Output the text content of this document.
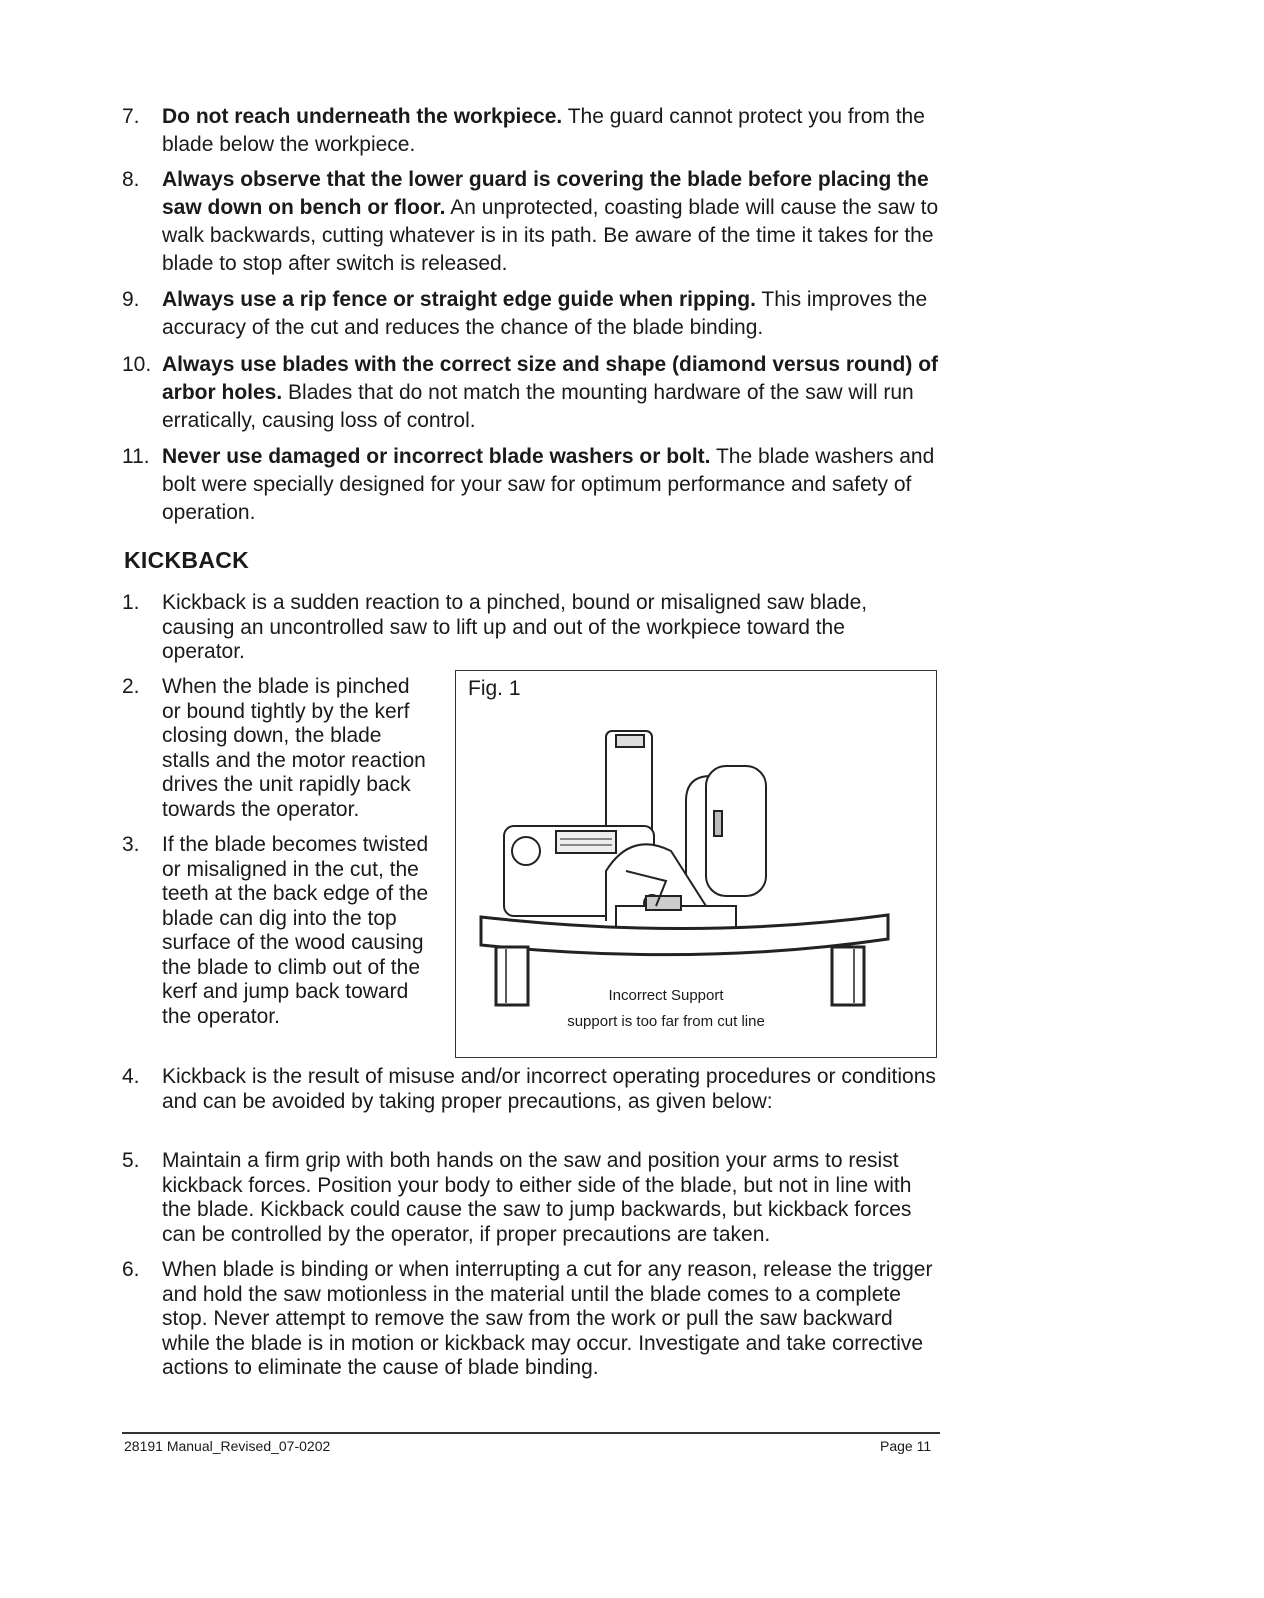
7.	Do not reach underneath the workpiece. The guard cannot protect you from the blade below the workpiece.
8.	Always observe that the lower guard is covering the blade before placing the saw down on bench or floor. An unprotected, coasting blade will cause the saw to walk backwards, cutting whatever is in its path. Be aware of the time it takes for the blade to stop after switch is released.
9.	Always use a rip fence or straight edge guide when ripping. This improves the accuracy of the cut and reduces the chance of the blade binding.
10. Always use blades with the correct size and shape (diamond versus round) of arbor holes. Blades that do not match the mounting hardware of the saw will run erratically, causing loss of control.
11. Never use damaged or incorrect blade washers or bolt. The blade washers and bolt were specially designed for your saw for optimum performance and safety of operation.
KICKBACK
1.	Kickback is a sudden reaction to a pinched, bound or misaligned saw blade, causing an uncontrolled saw to lift up and out of the workpiece toward the operator.
2.	When the blade is pinched or bound tightly by the kerf closing down, the blade stalls and the motor reaction drives the unit rapidly back towards the operator.
3.	If the blade becomes twisted or misaligned in the cut, the teeth at the back edge of the blade can dig into the top surface of the wood causing the blade to climb out of the kerf and jump back toward the operator.
Fig. 1
Incorrect Support
support is too far from cut line
4.	Kickback is the result of misuse and/or incorrect operating procedures or conditions and can be avoided by taking proper precautions, as given below:
5.	Maintain a firm grip with both hands on the saw and position your arms to resist kickback forces. Position your body to either side of the blade, but not in line with the blade. Kickback could cause the saw to jump backwards, but kickback forces can be controlled by the operator, if proper precautions are taken.
6.	When blade is binding or when interrupting a cut for any reason, release the trigger and hold the saw motionless in the material until the blade comes to a complete stop. Never attempt to remove the saw from the work or pull the saw backward while the blade is in motion or kickback may occur. Investigate and take corrective actions to eliminate the cause of blade binding.
28191 Manual_Revised_07-0202	Page 11
